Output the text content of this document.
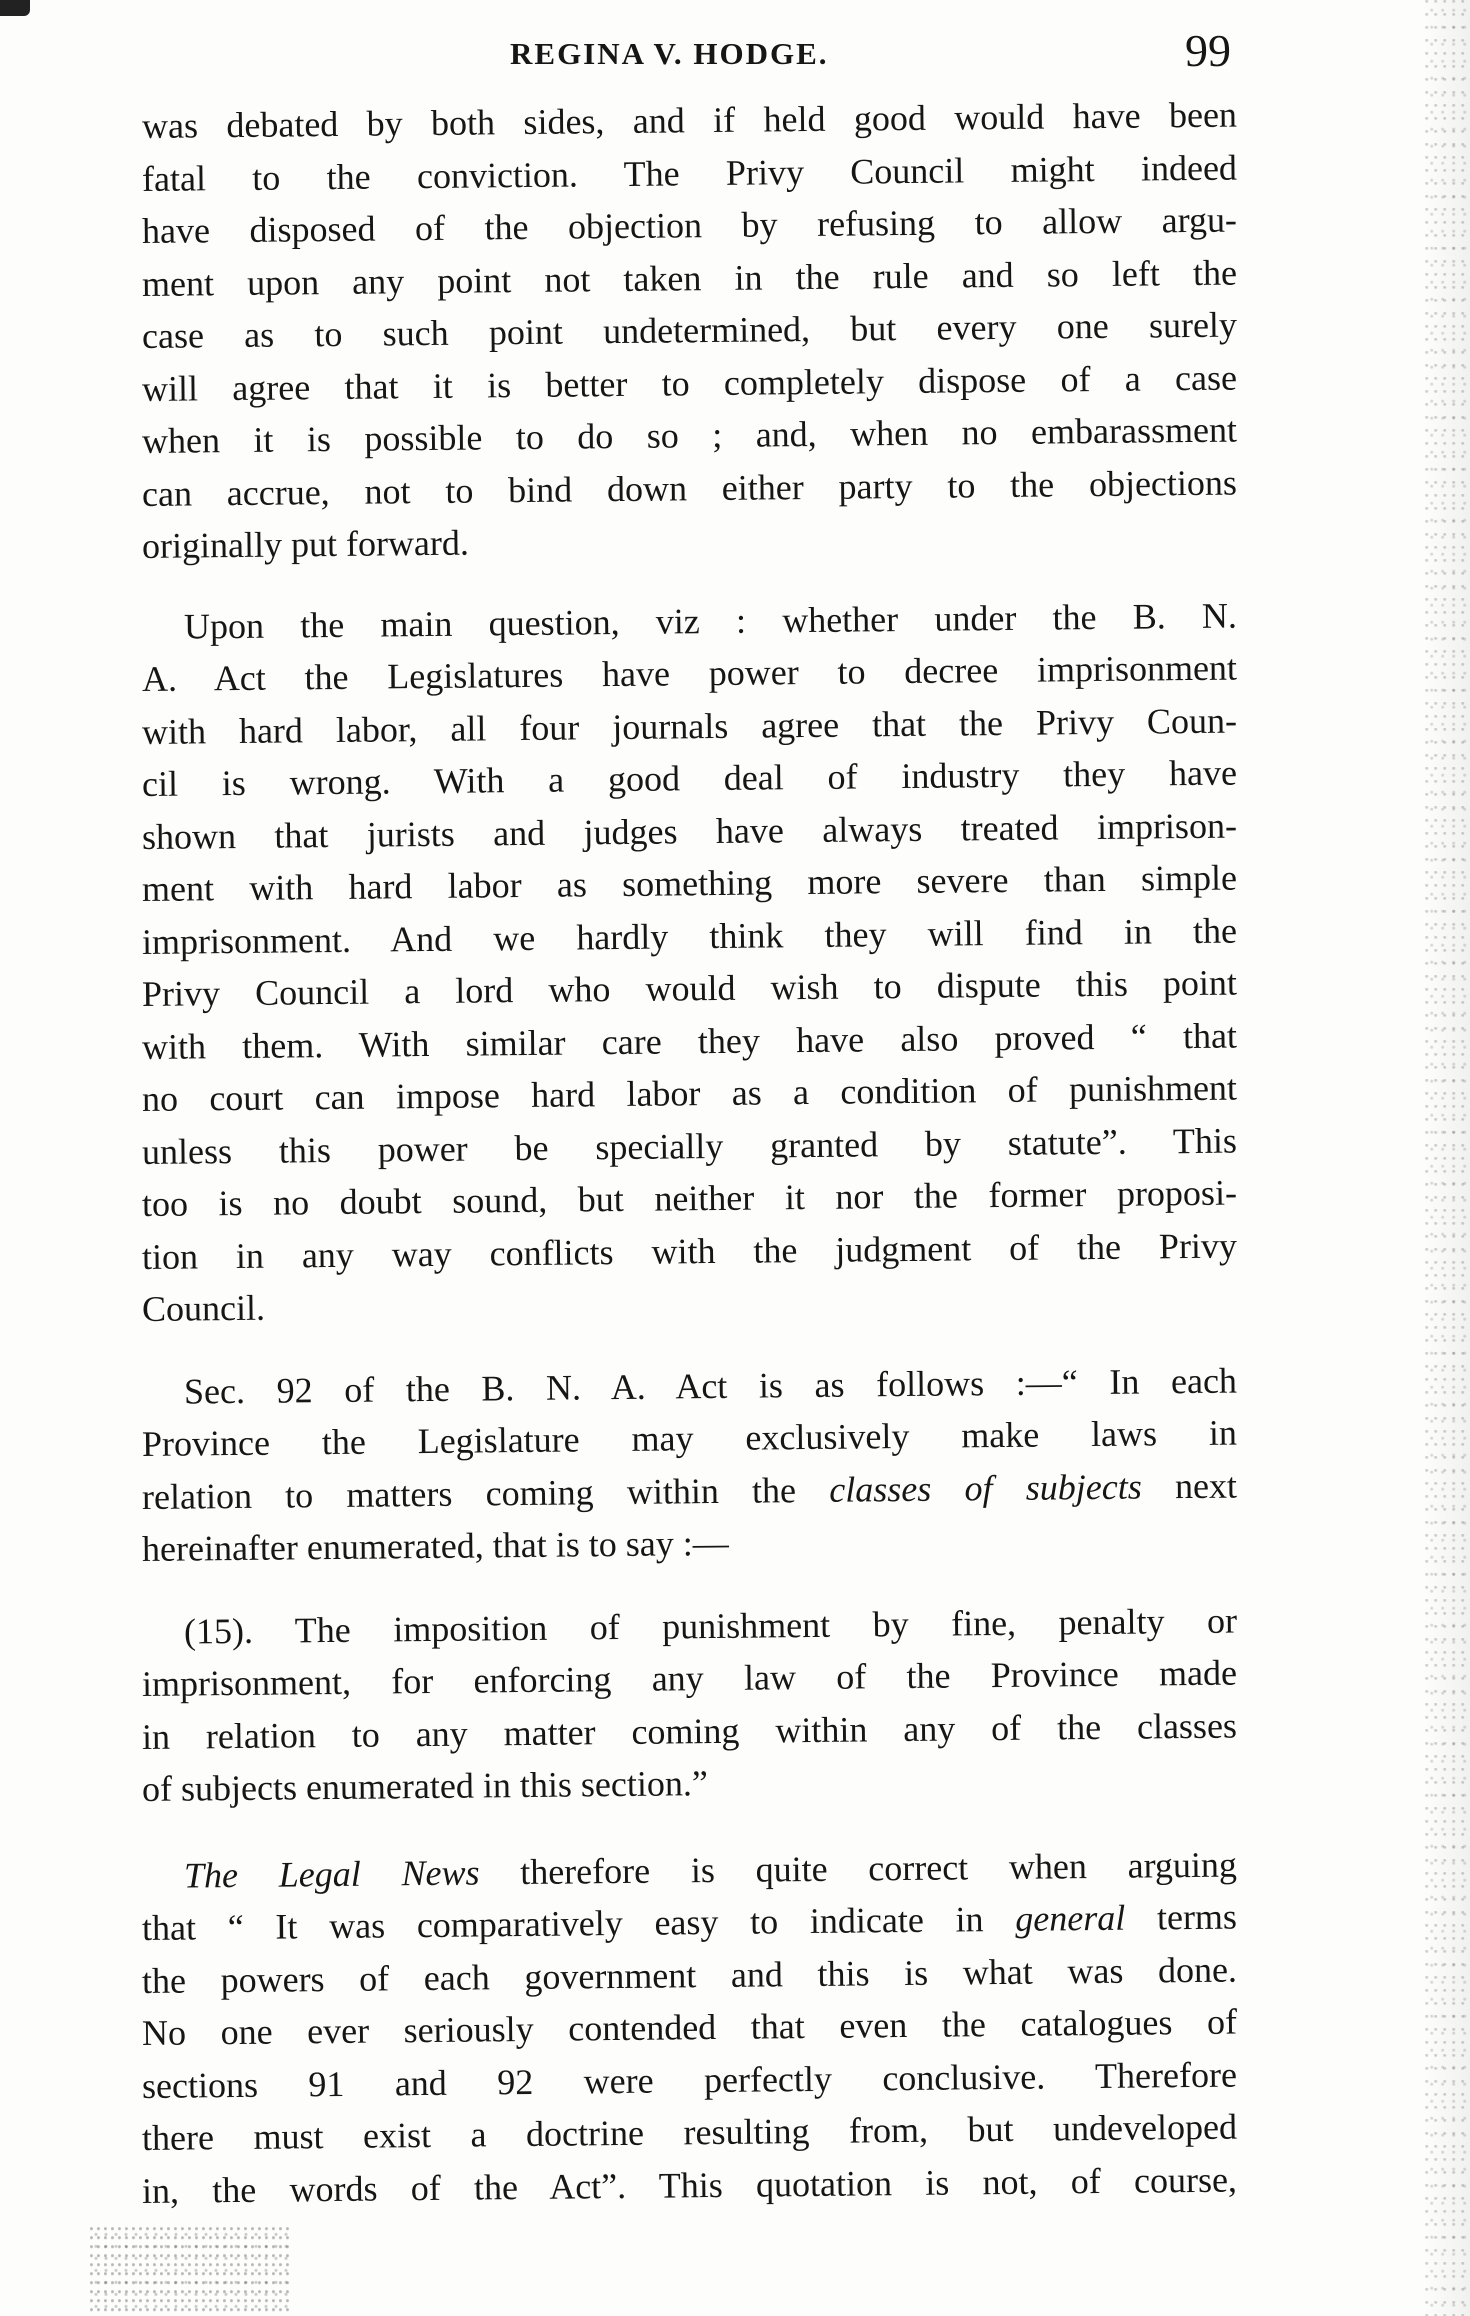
REGINA V. HODGE.	99
was debated by both sides, and if held good would have been
fatal to the conviction. The Privy Council might indeed
have disposed of the objection by refusing to allow argu-
ment upon any point not taken in the rule and so left the
case as to such point undetermined, but every one surely
will agree that it is better to completely dispose of a case
when it is possible to do so ; and, when no embarassment
can accrue, not to bind down either party to the objections
originally put forward.
Upon the main question, viz : whether under the B. N.
A. Act the Legislatures have power to decree imprisonment
with hard labor, all four journals agree that the Privy Coun-
cil is wrong. With a good deal of industry they have
shown that jurists and judges have always treated imprison-
ment with hard labor as something more severe than simple
imprisonment. And we hardly think they will find in the
Privy Council a lord who would wish to dispute this point
with them. With similar care they have also proved “ that
no court can impose hard labor as a condition of punishment
unless this power be specially granted by statute”. This
too is no doubt sound, but neither it nor the former proposi-
tion in any way conflicts with the judgment of the Privy
Council.
Sec. 92 of the B. N. A. Act is as follows :—“ In each
Province the Legislature may exclusively make laws in
relation to matters coming within the classes of subjects next
hereinafter enumerated, that is to say :—
(15). The imposition of punishment by fine, penalty or
imprisonment, for enforcing any law of the Province made
in relation to any matter coming within any of the classes
of subjects enumerated in this section.”
The Legal News therefore is quite correct when arguing
that “ It was comparatively easy to indicate in general terms
the powers of each government and this is what was done.
No one ever seriously contended that even the catalogues of
sections 91 and 92 were perfectly conclusive. Therefore
there must exist a doctrine resulting from, but undeveloped
in, the words of the Act”. This quotation is not, of course,
